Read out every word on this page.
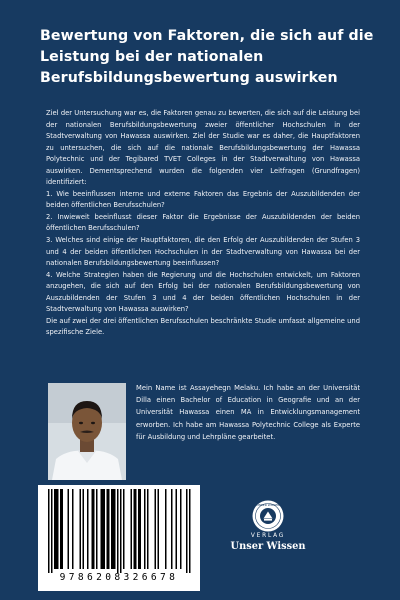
Bewertung von Faktoren, die sich auf die Leistung bei der nationalen Berufsbildungsbewertung auswirken

Ziel der Untersuchung war es, die Faktoren genau zu bewerten, die sich auf die Leistung bei der nationalen Berufsbildungsbewertung zweier öffentlicher Hochschulen in der Stadtverwaltung von Hawassa auswirken. Ziel der Studie war es daher, die Hauptfaktoren zu untersuchen, die sich auf die nationale Berufsbildungsbewertung der Hawassa Polytechnic und der Tegibared TVET Colleges in der Stadtverwaltung von Hawassa auswirken. Dementsprechend wurden die folgenden vier Leitfragen (Grundfragen) identifiziert:

1. Wie beeinflussen interne und externe Faktoren das Ergebnis der Auszubildenden der beiden öffentlichen Berufsschulen?

2. Inwieweit beeinflusst dieser Faktor die Ergebnisse der Auszubildenden der beiden öffentlichen Berufsschulen?

3. Welches sind einige der Hauptfaktoren, die den Erfolg der Auszubildenden der Stufen 3 und 4 der beiden öffentlichen Hochschulen in der Stadtverwaltung von Hawassa bei der nationalen Berufsbildungsbewertung beeinflussen?

4. Welche Strategien haben die Regierung und die Hochschulen entwickelt, um Faktoren anzugehen, die sich auf den Erfolg bei der nationalen Berufsbildungsbewertung von Auszubildenden der Stufen 3 und 4 der beiden öffentlichen Hochschulen in der Stadtverwaltung von Hawassa auswirken?

Die auf zwei der drei öffentlichen Berufsschulen beschränkte Studie umfasst allgemeine und spezifische Ziele.

Mein Name ist Assayehegn Melaku. Ich habe an der Universität Dilla einen Bachelor of Education in Geografie und an der Universität Hawassa einen MA in Entwicklungsmanagement erworben. Ich habe am Hawassa Polytechnic College als Experte für Ausbildung und Lehrpläne gearbeitet.

9786208326678
UNSER WISSEN
VERLAG
Unser Wissen
